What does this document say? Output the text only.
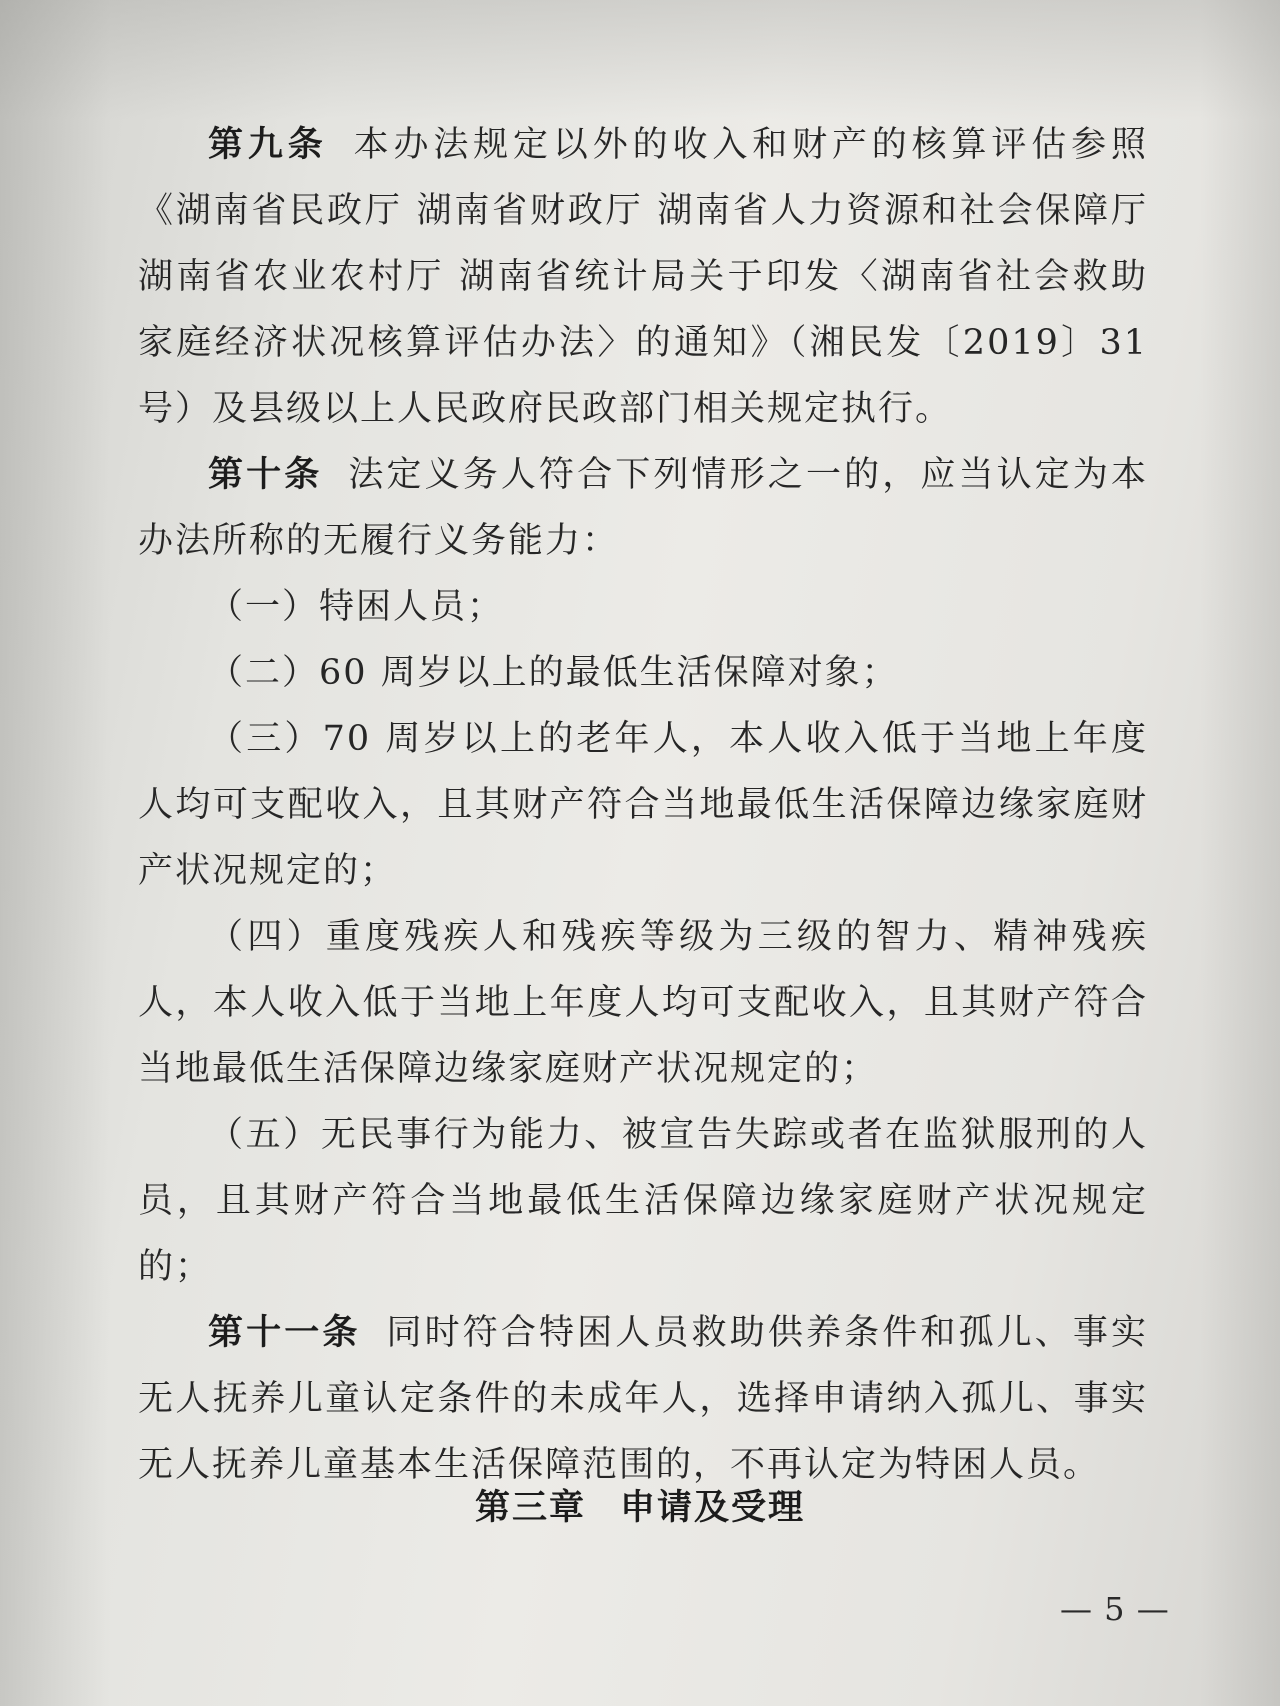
第九条 本办法规定以外的收入和财产的核算评估参照《湖南省民政厅 湖南省财政厅 湖南省人力资源和社会保障厅 湖南省农业农村厅 湖南省统计局关于印发〈湖南省社会救助家庭经济状况核算评估办法〉的通知》（湘民发〔2019〕31号）及县级以上人民政府民政部门相关规定执行。

第十条 法定义务人符合下列情形之一的，应当认定为本办法所称的无履行义务能力：

（一）特困人员；

（二）60 周岁以上的最低生活保障对象；

（三）70 周岁以上的老年人，本人收入低于当地上年度人均可支配收入，且其财产符合当地最低生活保障边缘家庭财产状况规定的；

（四）重度残疾人和残疾等级为三级的智力、精神残疾人，本人收入低于当地上年度人均可支配收入，且其财产符合当地最低生活保障边缘家庭财产状况规定的；

（五）无民事行为能力、被宣告失踪或者在监狱服刑的人员，且其财产符合当地最低生活保障边缘家庭财产状况规定的；

第十一条 同时符合特困人员救助供养条件和孤儿、事实无人抚养儿童认定条件的未成年人，选择申请纳入孤儿、事实无人抚养儿童基本生活保障范围的，不再认定为特困人员。

第三章 申请及受理
— 5 —
